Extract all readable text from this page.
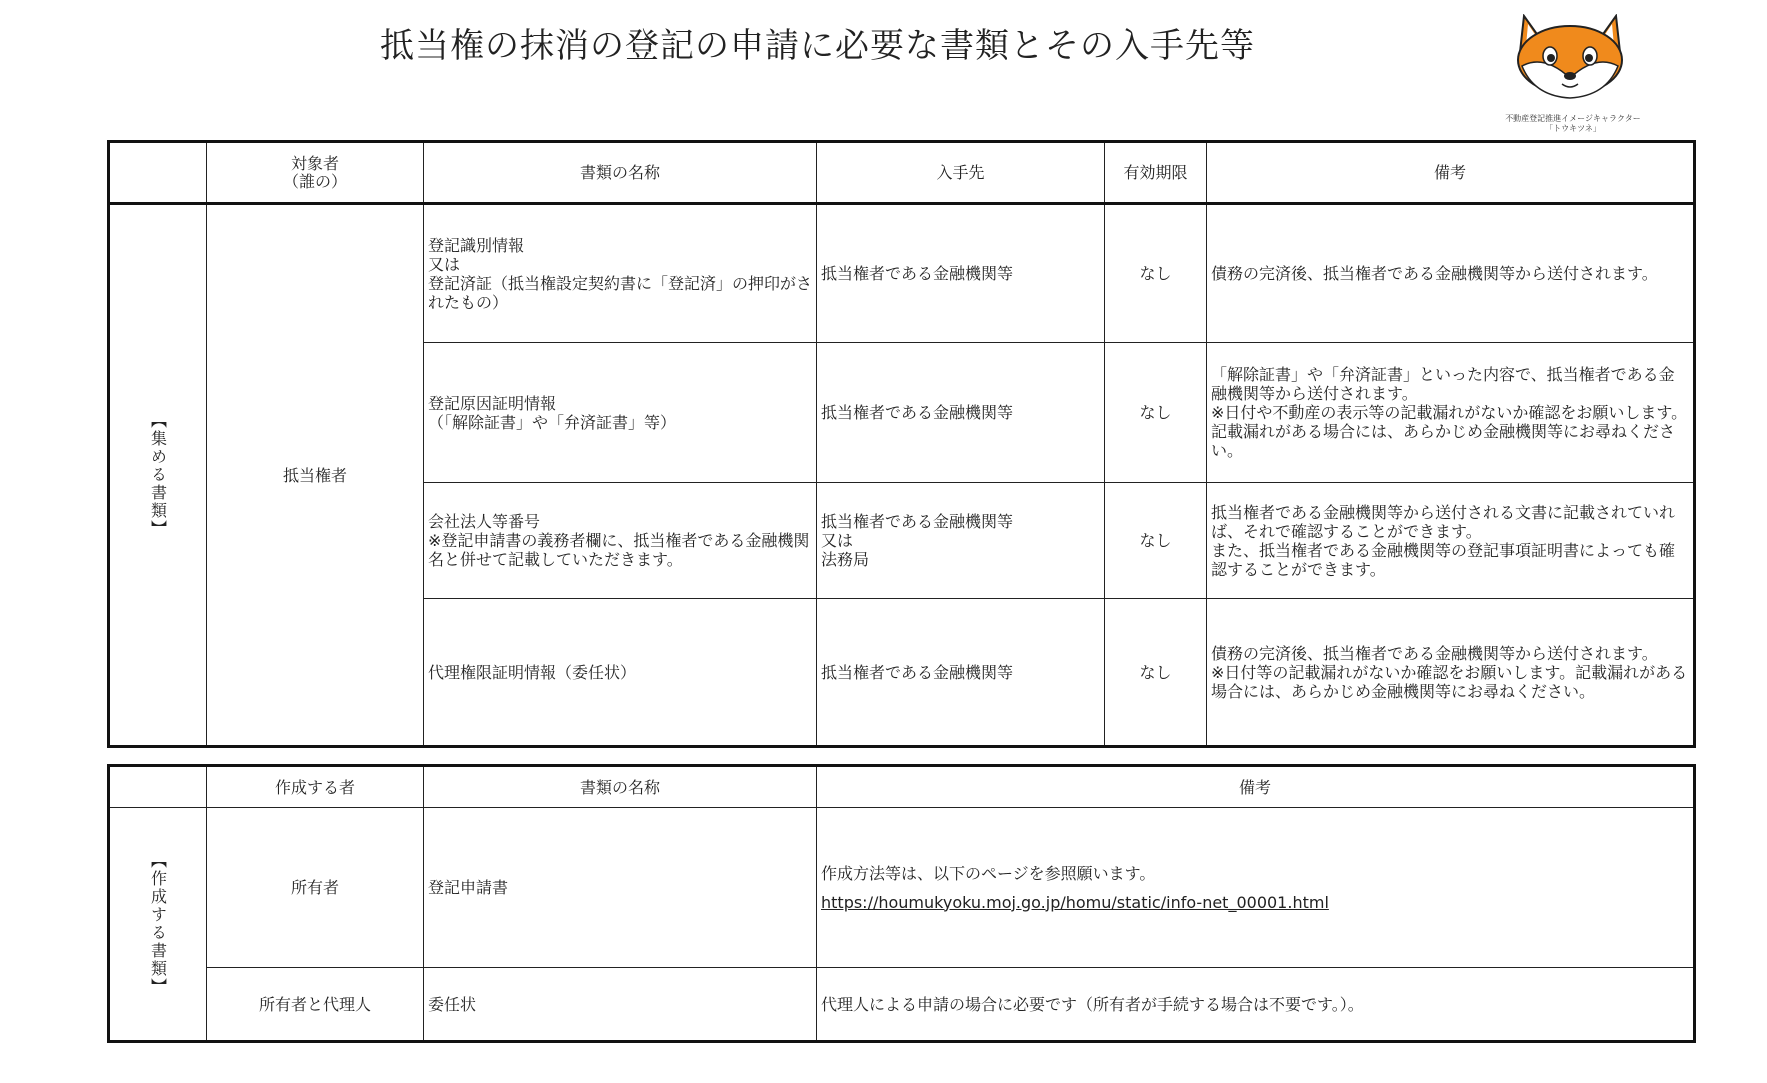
抵当権の抹消の登記の申請に必要な書類とその入手先等
不動産登記推進イメージキャラクター
「トウキツネ」
	対象者
（誰の）	書類の名称	入手先	有効期限	備考

【集める書類】	抵当権者	登記識別情報
又は
登記済証（抵当権設定契約書に「登記済」の押印がされたもの）	抵当権者である金融機関等	なし	債務の完済後、抵当権者である金融機関等から送付されます。
		登記原因証明情報
（「解除証書」や「弁済証書」等）	抵当権者である金融機関等	なし	「解除証書」や「弁済証書」といった内容で、抵当権者である金融機関等から送付されます。
※日付や不動産の表示等の記載漏れがないか確認をお願いします。記載漏れがある場合には、あらかじめ金融機関等にお尋ねください。
		会社法人等番号
※登記申請書の義務者欄に、抵当権者である金融機関名と併せて記載していただきます。	抵当権者である金融機関等
又は
法務局	なし	抵当権者である金融機関等から送付される文書に記載されていれば、それで確認することができます。
また、抵当権者である金融機関等の登記事項証明書によっても確認することができます。
		代理権限証明情報（委任状）	抵当権者である金融機関等	なし	債務の完済後、抵当権者である金融機関等から送付されます。
※日付等の記載漏れがないか確認をお願いします。記載漏れがある場合には、あらかじめ金融機関等にお尋ねください。
	作成する者	書類の名称	備考

【作成する書類】	所有者	登記申請書	作成方法等は、以下のページを参照願います。
https://houmukyoku.moj.go.jp/homu/static/info-net_00001.html
	所有者と代理人	委任状	代理人による申請の場合に必要です（所有者が手続する場合は不要です。）。
